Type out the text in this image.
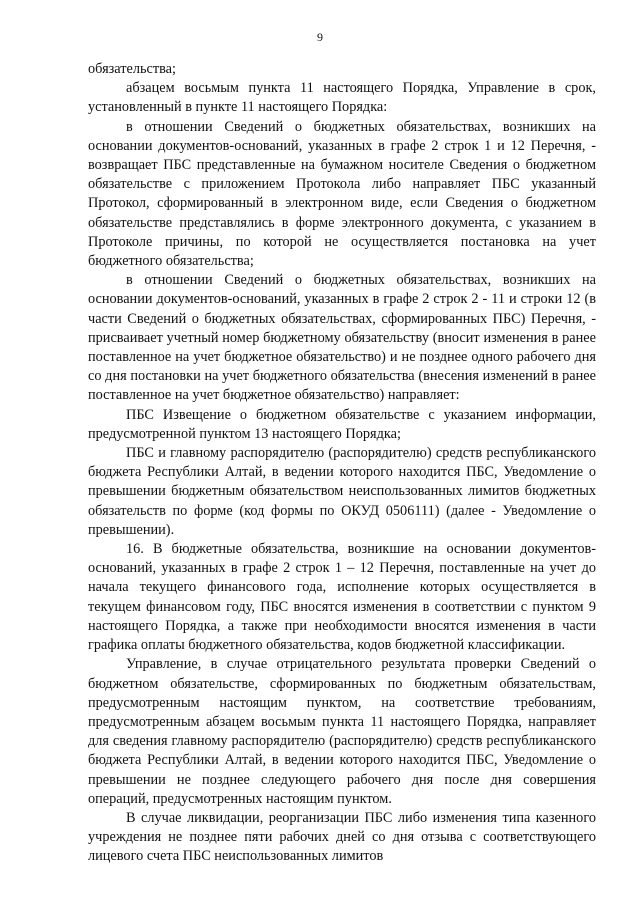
9

обязательства;

абзацем восьмым пункта 11 настоящего Порядка, Управление в срок, установленный в пункте 11 настоящего Порядка:

в отношении Сведений о бюджетных обязательствах, возникших на основании документов-оснований, указанных в графе 2 строк 1 и 12 Перечня, - возвращает ПБС представленные на бумажном носителе Сведения о бюджетном обязательстве с приложением Протокола либо направляет ПБС указанный Протокол, сформированный в электронном виде, если Сведения о бюджетном обязательстве представлялись в форме электронного документа, с указанием в Протоколе причины, по которой не осуществляется постановка на учет бюджетного обязательства;

в отношении Сведений о бюджетных обязательствах, возникших на основании документов-оснований, указанных в графе 2 строк 2 - 11 и строки 12 (в части Сведений о бюджетных обязательствах, сформированных ПБС) Перечня, - присваивает учетный номер бюджетному обязательству (вносит изменения в ранее поставленное на учет бюджетное обязательство) и не позднее одного рабочего дня со дня постановки на учет бюджетного обязательства (внесения изменений в ранее поставленное на учет бюджетное обязательство) направляет:

ПБС Извещение о бюджетном обязательстве с указанием информации, предусмотренной пунктом 13 настоящего Порядка;

ПБС и главному распорядителю (распорядителю) средств республиканского бюджета Республики Алтай, в ведении которого находится ПБС, Уведомление о превышении бюджетным обязательством неиспользованных лимитов бюджетных обязательств по форме (код формы по ОКУД 0506111) (далее - Уведомление о превышении).

16. В бюджетные обязательства, возникшие на основании документов-оснований, указанных в графе 2 строк 1 – 12 Перечня, поставленные на учет до начала текущего финансового года, исполнение которых осуществляется в текущем финансовом году, ПБС вносятся изменения в соответствии с пунктом 9 настоящего Порядка, а также при необходимости вносятся изменения в части графика оплаты бюджетного обязательства, кодов бюджетной классификации.

Управление, в случае отрицательного результата проверки Сведений о бюджетном обязательстве, сформированных по бюджетным обязательствам, предусмотренным настоящим пунктом, на соответствие требованиям, предусмотренным абзацем восьмым пункта 11 настоящего Порядка, направляет для сведения главному распорядителю (распорядителю) средств республиканского бюджета Республики Алтай, в ведении которого находится ПБС, Уведомление о превышении не позднее следующего рабочего дня после дня совершения операций, предусмотренных настоящим пунктом.

В случае ликвидации, реорганизации ПБС либо изменения типа казенного учреждения не позднее пяти рабочих дней со дня отзыва с соответствующего лицевого счета ПБС неиспользованных лимитов
